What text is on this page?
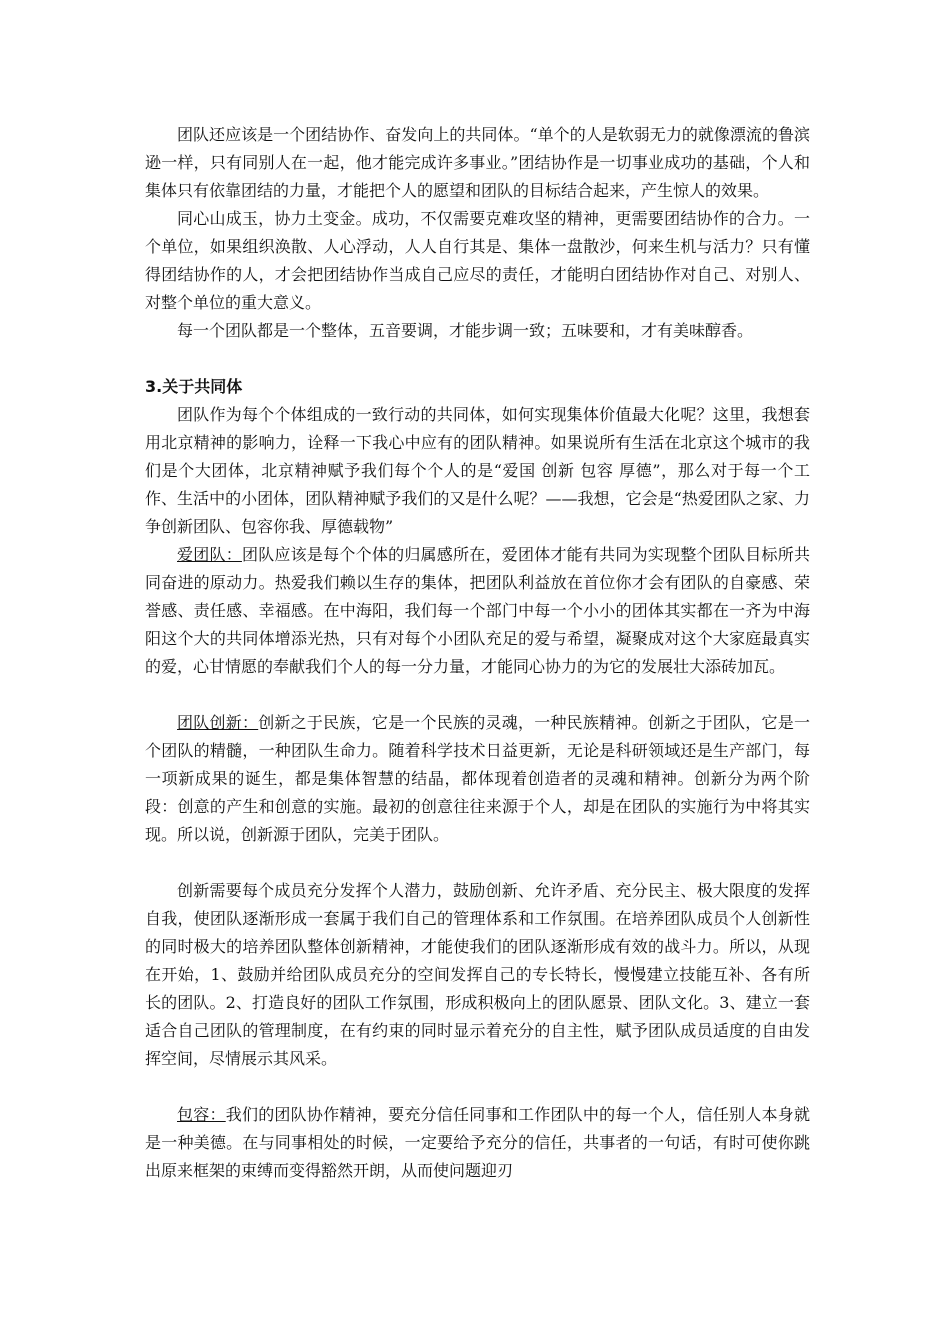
团队还应该是一个团结协作、奋发向上的共同体。“单个的人是软弱无力的就像漂流的鲁滨逊一样，只有同别人在一起，他才能完成许多事业。”团结协作是一切事业成功的基础，个人和集体只有依靠团结的力量，才能把个人的愿望和团队的目标结合起来，产生惊人的效果。

同心山成玉，协力土变金。成功，不仅需要克难攻坚的精神，更需要团结协作的合力。一个单位，如果组织涣散、人心浮动，人人自行其是、集体一盘散沙，何来生机与活力？只有懂得团结协作的人，才会把团结协作当成自己应尽的责任，才能明白团结协作对自己、对别人、对整个单位的重大意义。

每一个团队都是一个整体，五音要调，才能步调一致；五味要和，才有美味醇香。

3.关于共同体

团队作为每个个体组成的一致行动的共同体，如何实现集体价值最大化呢？这里，我想套用北京精神的影响力，诠释一下我心中应有的团队精神。如果说所有生活在北京这个城市的我们是个大团体，北京精神赋予我们每个个人的是“爱国 创新 包容 厚德”，那么对于每一个工作、生活中的小团体，团队精神赋予我们的又是什么呢？——我想，它会是“热爱团队之家、力争创新团队、包容你我、厚德载物”

爱团队：团队应该是每个个体的归属感所在，爱团体才能有共同为实现整个团队目标所共同奋进的原动力。热爱我们赖以生存的集体，把团队利益放在首位你才会有团队的自豪感、荣誉感、责任感、幸福感。在中海阳，我们每一个部门中每一个小小的团体其实都在一齐为中海阳这个大的共同体增添光热，只有对每个小团队充足的爱与希望，凝聚成对这个大家庭最真实的爱，心甘情愿的奉献我们个人的每一分力量，才能同心协力的为它的发展壮大添砖加瓦。

团队创新：创新之于民族，它是一个民族的灵魂，一种民族精神。创新之于团队，它是一个团队的精髓，一种团队生命力。随着科学技术日益更新，无论是科研领域还是生产部门，每一项新成果的诞生，都是集体智慧的结晶，都体现着创造者的灵魂和精神。创新分为两个阶段：创意的产生和创意的实施。最初的创意往往来源于个人，却是在团队的实施行为中将其实现。所以说，创新源于团队，完美于团队。

创新需要每个成员充分发挥个人潜力，鼓励创新、允许矛盾、充分民主、极大限度的发挥自我，使团队逐渐形成一套属于我们自己的管理体系和工作氛围。在培养团队成员个人创新性的同时极大的培养团队整体创新精神，才能使我们的团队逐渐形成有效的战斗力。所以，从现在开始，1、鼓励并给团队成员充分的空间发挥自己的专长特长，慢慢建立技能互补、各有所长的团队。2、打造良好的团队工作氛围，形成积极向上的团队愿景、团队文化。3、建立一套适合自己团队的管理制度，在有约束的同时显示着充分的自主性，赋予团队成员适度的自由发挥空间，尽情展示其风采。

包容：我们的团队协作精神，要充分信任同事和工作团队中的每一个人，信任别人本身就是一种美德。在与同事相处的时候，一定要给予充分的信任，共事者的一句话，有时可使你跳出原来框架的束缚而变得豁然开朗，从而使问题迎刃
